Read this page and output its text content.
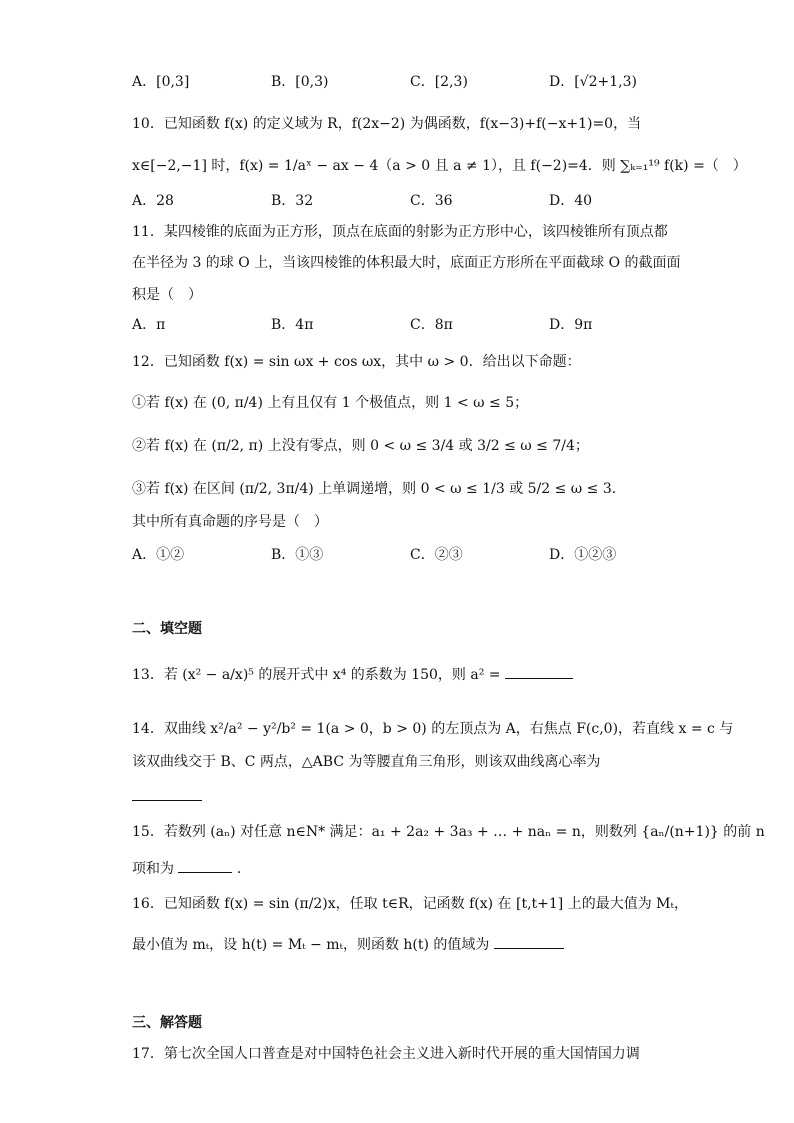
A．[0,3]	B．[0,3)	C．[2,3)	D．[√2+1,3)
10．已知函数 f(x) 的定义域为 R，f(2x−2) 为偶函数，f(x−3)+f(−x+1)=0，当
x∈[−2,−1] 时，f(x) = 1/aˣ − ax − 4（a > 0 且 a ≠ 1），且 f(−2)=4．则 ∑ₖ₌₁¹⁹ f(k) =（　）
A．28	B．32	C．36	D．40
11．某四棱锥的底面为正方形，顶点在底面的射影为正方形中心，该四棱锥所有顶点都
在半径为 3 的球 O 上，当该四棱锥的体积最大时，底面正方形所在平面截球 O 的截面面
积是（　）
A．π	B．4π	C．8π	D．9π
12．已知函数 f(x) = sin ωx + cos ωx，其中 ω > 0．给出以下命题：
①若 f(x) 在 (0, π/4) 上有且仅有 1 个极值点，则 1 < ω ≤ 5；
②若 f(x) 在 (π/2, π) 上没有零点，则 0 < ω ≤ 3/4 或 3/2 ≤ ω ≤ 7/4；
③若 f(x) 在区间 (π/2, 3π/4) 上单调递增，则 0 < ω ≤ 1/3 或 5/2 ≤ ω ≤ 3．
其中所有真命题的序号是（　）
A．①②	B．①③	C．②③	D．①②③
二、填空题
13．若 (x² − a/x)⁵ 的展开式中 x⁴ 的系数为 150，则 a² =
14．双曲线 x²/a² − y²/b² = 1(a > 0，b > 0) 的左顶点为 A，右焦点 F(c,0)，若直线 x = c 与
该双曲线交于 B、C 两点，△ABC 为等腰直角三角形，则该双曲线离心率为
15．若数列 (aₙ) 对任意 n∈N* 满足：a₁ + 2a₂ + 3a₃ + … + naₙ = n，则数列 {aₙ/(n+1)} 的前 n
项和为	．
16．已知函数 f(x) = sin (π/2)x，任取 t∈R，记函数 f(x) 在 [t,t+1] 上的最大值为 Mₜ，
最小值为 mₜ，设 h(t) = Mₜ − mₜ，则函数 h(t) 的值域为
三、解答题
17．第七次全国人口普查是对中国特色社会主义进入新时代开展的重大国情国力调
